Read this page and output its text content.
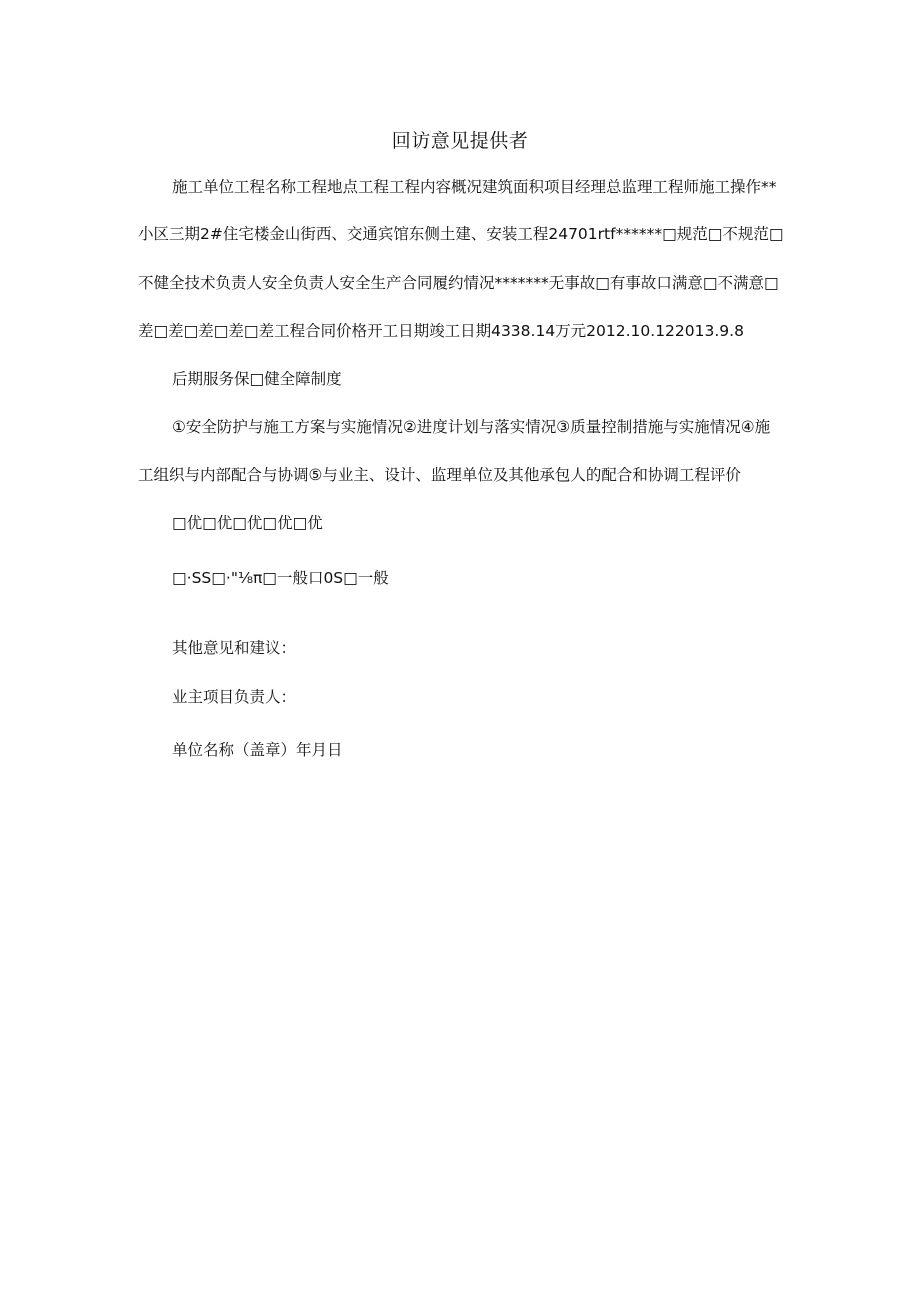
回访意见提供者
施工单位工程名称工程地点工程工程内容概况建筑面积项目经理总监理工程师施工操作**
小区三期2#住宅楼金山街西、交通宾馆东侧土建、安装工程24701rtf******□规范□不规范□
不健全技术负责人安全负责人安全生产合同履约情况*******无事故□有事故口满意□不满意□
差□差□差□差□差工程合同价格开工日期竣工日期4338.14万元2012.10.122013.9.8
后期服务保□健全障制度
①安全防护与施工方案与实施情况②进度计划与落实情况③质量控制措施与实施情况④施
工组织与内部配合与协调⑤与业主、设计、监理单位及其他承包人的配合和协调工程评价
□优□优□优□优□优
□·SS□·"⅛π□一般口0S□一般
其他意见和建议：
业主项目负责人：
单位名称（盖章）年月日
